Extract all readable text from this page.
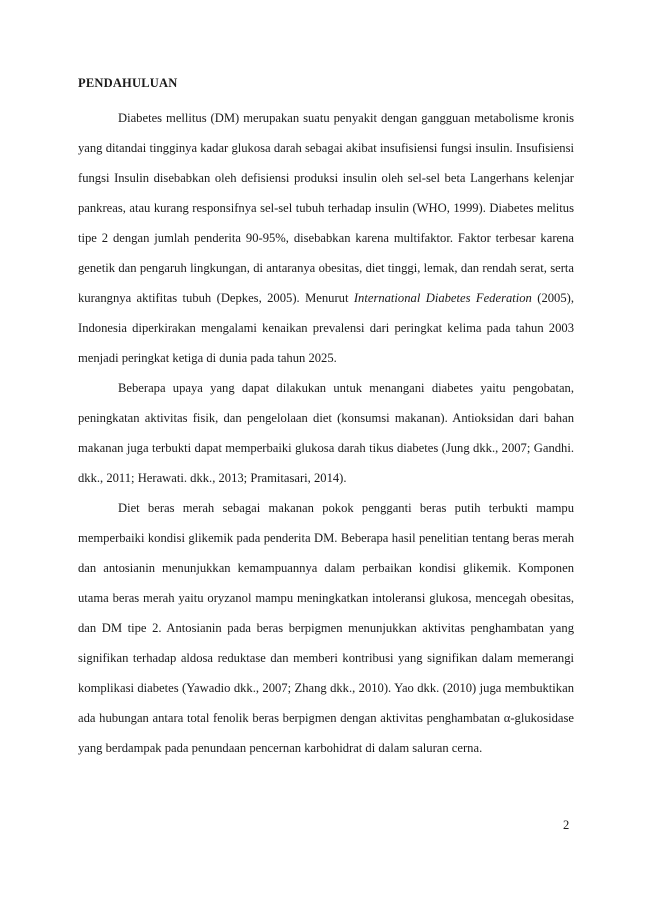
PENDAHULUAN

Diabetes mellitus (DM) merupakan suatu penyakit dengan gangguan metabolisme kronis yang ditandai tingginya kadar glukosa darah sebagai akibat insufisiensi fungsi insulin. Insufisiensi fungsi Insulin disebabkan oleh defisiensi produksi insulin oleh sel-sel beta Langerhans kelenjar pankreas, atau kurang responsifnya sel-sel tubuh terhadap insulin (WHO, 1999). Diabetes melitus tipe 2 dengan jumlah penderita 90-95%, disebabkan karena multifaktor. Faktor terbesar karena genetik dan pengaruh lingkungan, di antaranya obesitas, diet tinggi, lemak, dan rendah serat, serta kurangnya aktifitas tubuh (Depkes, 2005). Menurut International Diabetes Federation (2005), Indonesia diperkirakan mengalami kenaikan prevalensi dari peringkat kelima pada tahun 2003 menjadi peringkat ketiga di dunia pada tahun 2025.

Beberapa upaya yang dapat dilakukan untuk menangani diabetes yaitu pengobatan, peningkatan aktivitas fisik, dan pengelolaan diet (konsumsi makanan). Antioksidan dari bahan makanan juga terbukti dapat memperbaiki glukosa darah tikus diabetes (Jung dkk., 2007; Gandhi. dkk., 2011; Herawati. dkk., 2013; Pramitasari, 2014).

Diet beras merah sebagai makanan pokok pengganti beras putih terbukti mampu memperbaiki kondisi glikemik pada penderita DM. Beberapa hasil penelitian tentang beras merah dan antosianin menunjukkan kemampuannya dalam perbaikan kondisi glikemik. Komponen utama beras merah yaitu oryzanol mampu meningkatkan intoleransi glukosa, mencegah obesitas, dan DM tipe 2. Antosianin pada beras berpigmen menunjukkan aktivitas penghambatan yang signifikan terhadap aldosa reduktase dan memberi kontribusi yang signifikan dalam memerangi komplikasi diabetes (Yawadio dkk., 2007; Zhang dkk., 2010). Yao dkk. (2010) juga membuktikan ada hubungan antara total fenolik beras berpigmen dengan aktivitas penghambatan α-glukosidase yang berdampak pada penundaan pencernan karbohidrat di dalam saluran cerna.

2
